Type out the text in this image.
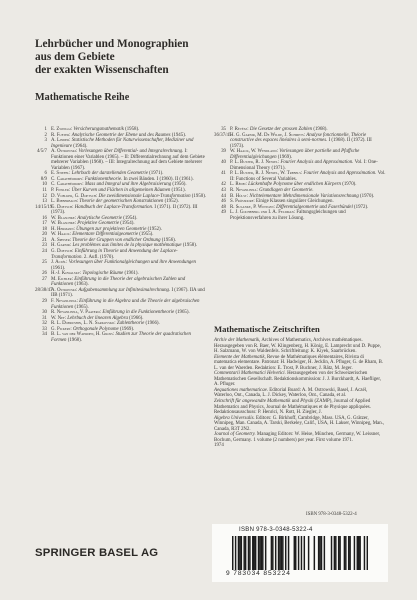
Lehrbücher und Monographien
aus dem Gebiete
der exakten Wissenschaften
Mathematische Reihe
1 E. Zwinggi: Versicherungsmathematik (1958).
2 R. Fueter: Analytische Geometrie der Ebene und des Raumes (1945).
3 A. Linder: Statistische Methoden für Naturwissenschafter, Mediziner und Ingenieure (1964).
4/5/7 A. Ostrowski: Vorlesungen über Differential- und Integralrechnung. I: Funktionen einer Variablen (1965). – II: Differentialrechnung auf dem Gebiete mehrerer Variablen (1968). – III: Integralrechnung auf dem Gebiete mehrerer Variablen (1967).
6 E. Stiefel: Lehrbuch der darstellenden Geometrie (1971).
8/9 C. Carathéodory: Funktionentheorie. In zwei Bänden. I (1960). II (1961).
10 C. Carathéodory: Mass und Integral und ihre Algebraisierung (1956).
11 P. Finsler: Über Kurven und Flächen in allgemeinen Räumen (1951).
12 D. Voelker, G. Doetsch: Die zweidimensionale Laplace-Transformation (1950).
13 L. Bieberbach: Theorie der geometrischen Konstruktionen (1952).
14/15/19
G. Doetsch: Handbuch der Laplace-Transformation. I (1971). II (1972). III (1973).
16 W. Blaschke: Analytische Geometrie (1954).
17 W. Blaschke: Projektive Geometrie (1954).
18 H. Hermann: Übungen zur projektiven Geometrie (1952).
20 W. Haack: Elementare Differentialgeometrie (1955).
21 A. Speiser: Theorie der Gruppen von endlicher Ordnung (1956).
23 H. Garnir: Les problèmes aux limites de la physique mathématique (1958).
24 G. Doetsch: Einführung in Theorie und Anwendung der Laplace-Transformation. 2. Aufl. (1970).
25 J. Aczél: Vorlesungen über Funktionalgleichungen und ihre Anwendungen (1961).
26 H.-J. Kowalsky: Topologische Räume (1961).
27 M. Eichler: Einführung in die Theorie der algebraischen Zahlen und Funktionen (1963).
28/38/47
A. Ostrowski: Aufgabensammlung zur Infinitesimalrechnung. I (1967). IIA und IIB (1971).
29 F. Nevanlinna: Einführung in die Algebra und die Theorie der algebraischen Funktionen (1965).
30 R. Nevanlinna, V. Paatero: Einführung in die Funktionentheorie (1965).
31 W. Nef: Lehrbuch der linearen Algebra (1966).
32 R. L. Dobrushin, L. N. Sarkovskij: Zahlentheorie (1966).
33 G. Pickert: Orthogonale Polynome (1969).
34 B. L. van der Waerden, H. Gross: Studien zur Theorie der quadratischen Formen (1968).
35 P. Révész: Die Gesetze der grossen Zahlen (1968).
36/37/45
H. G. Garnir, M. De Wilde, J. Schmets: Analyse fonctionnelle, Théorie constructive des espaces linéaires à semi-normes. I (1968). II (1972). III (1973).
39 W. Haack, W. Wendland: Vorlesungen über partielle und Pfaffsche Differentialgleichungen (1969).
40 P. L. Butzer, R. J. Nessel: Fourier Analysis and Approximation. Vol. I: One-Dimensional Theory (1971).
41 P. L. Butzer, R. J. Nessel, W. Trebels: Fourier Analysis and Approximation. Vol. II: Functions of Several Variables.
42 L. Rédei: Lückenhafte Polynome über endlichen Körpern (1970).
43 R. Nevanlinna: Grundlagen der Geometrie.
44 B. Hülst: Nichtelementare Mehrdimensionale Variationsrechnung (1970).
46 S. Prössdorf: Einige Klassen singulärer Gleichungen.
48 R. Sulanke, P. Wintgen: Differentialgeometrie und Faserbündel (1972).
49 L. J. Gocheberg und I. A. Feldman: Faltungsgleichungen und Projektionsverfahren zu ihrer Lösung.
Mathematische Zeitschriften
Archiv der Mathematik, Archives of Mathematics, Archives mathématiques. Herausgegeben von R. Baer, W. Klingenberg, H. König, E. Lamprecht und D. Puppe, H. Salzmann, W. von Waldenfels. Schriftleitung: K. Kiyek, Saarbrücken.
Elemente der Mathematik, Revue de Mathématiques élémentaires, Rivista di matematica elementare. Patronat: H. Hadwiger, H. Jecklin, A. Pfluger, G. de Rham, B. L. van der Waerden. Redaktion: E. Trost, P. Buchner, J. Rätz, M. Jeger.
Commentarii Mathematici Helvetici. Herausgegeben von der Schweizerischen Mathematischen Gesellschaft. Redaktionskommission: J. J. Burckhardt, A. Haefliger, A. Pfluger.
Aequationes mathematicae. Editorial Board: A. M. Ostrowski, Basel, J. Aczél, Waterloo, Ont., Canada, L. J. Dickey, Waterloo, Ont., Canada, et al.
Zeitschrift für angewandte Mathematik und Physik (ZAMP), Journal of Applied Mathematics and Physics, Journal de Mathématiques et de Physique appliquées. Redaktionsausschuss: P. Henrici, N. Rott, H. Ziegler, J.
Algebra Universalis. Editors: G. Birkhoff, Cambridge, Mass. USA, G. Grätzer, Winnipeg, Man. Canada, A. Tarski, Berkeley, Calif., USA, H. Lakser, Winnipeg, Man., Canada, R3T 2N2.
Journal of Geometry. Managing Editors: W. Heise, München, Germany, W. Leissner, Bochum, Germany. 1 volume (2 numbers) per year. First volume 1971.
1974
ISBN 978-3-0348-5322-4
ISBN 978-3-0348-5322-4
9 783034 853224
SPRINGER BASEL AG
